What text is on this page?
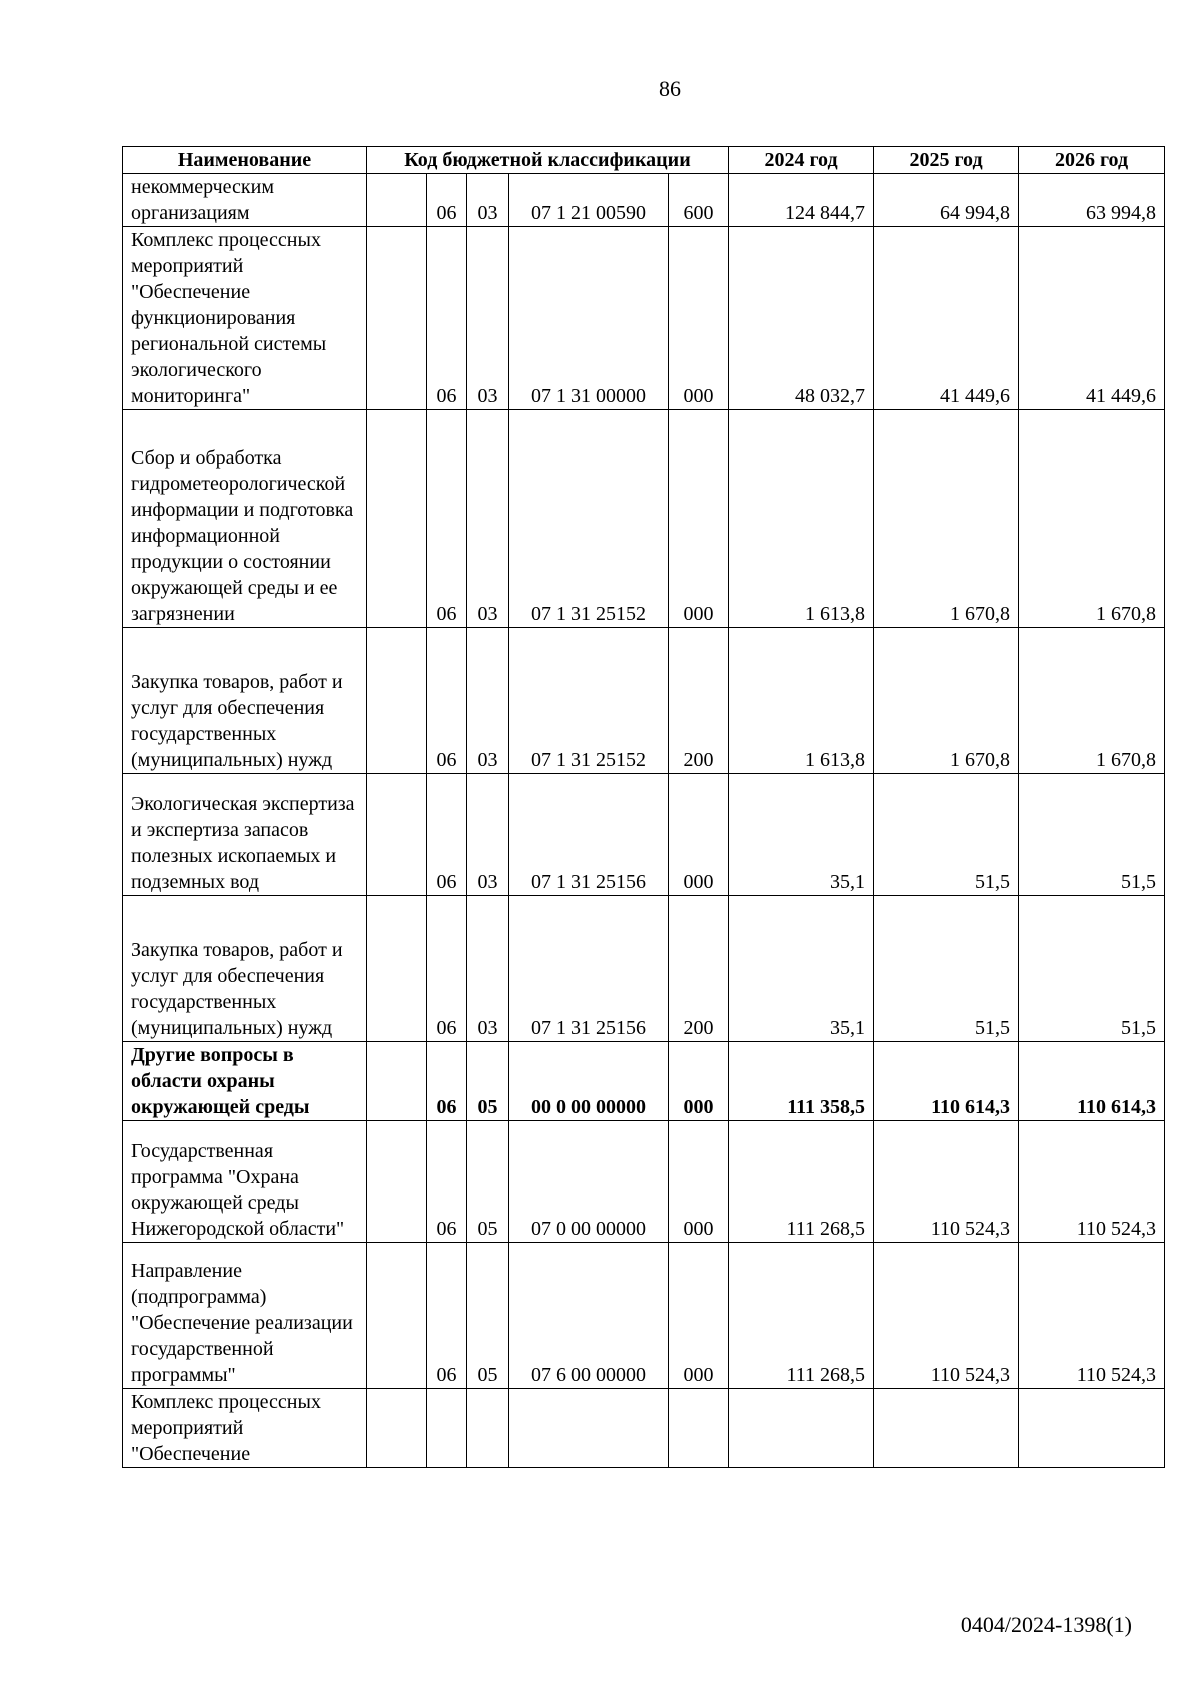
86
Наименование	Код бюджетной классификации					2024 год	2025 год	2026 год
некоммерческим организациям		06	03	07 1 21 00590	600	124 844,7	64 994,8	63 994,8
Комплекс процессных мероприятий "Обеспечение функционирования региональной системы экологического мониторинга"		06	03	07 1 31 00000	000	48 032,7	41 449,6	41 449,6
Сбор и обработка гидрометеорологической информации и подготовка информационной продукции о состоянии окружающей среды и ее загрязнении		06	03	07 1 31 25152	000	1 613,8	1 670,8	1 670,8
Закупка товаров, работ и услуг для обеспечения государственных (муниципальных) нужд		06	03	07 1 31 25152	200	1 613,8	1 670,8	1 670,8
Экологическая экспертиза и экспертиза запасов полезных ископаемых и подземных вод		06	03	07 1 31 25156	000	35,1	51,5	51,5
Закупка товаров, работ и услуг для обеспечения государственных (муниципальных) нужд		06	03	07 1 31 25156	200	35,1	51,5	51,5
Другие вопросы в области охраны окружающей среды		06	05	00 0 00 00000	000	111 358,5	110 614,3	110 614,3
Государственная программа "Охрана окружающей среды Нижегородской области"		06	05	07 0 00 00000	000	111 268,5	110 524,3	110 524,3
Направление (подпрограмма) "Обеспечение реализации государственной программы"		06	05	07 6 00 00000	000	111 268,5	110 524,3	110 524,3
Комплекс процессных мероприятий "Обеспечение								
0404/2024-1398(1)
